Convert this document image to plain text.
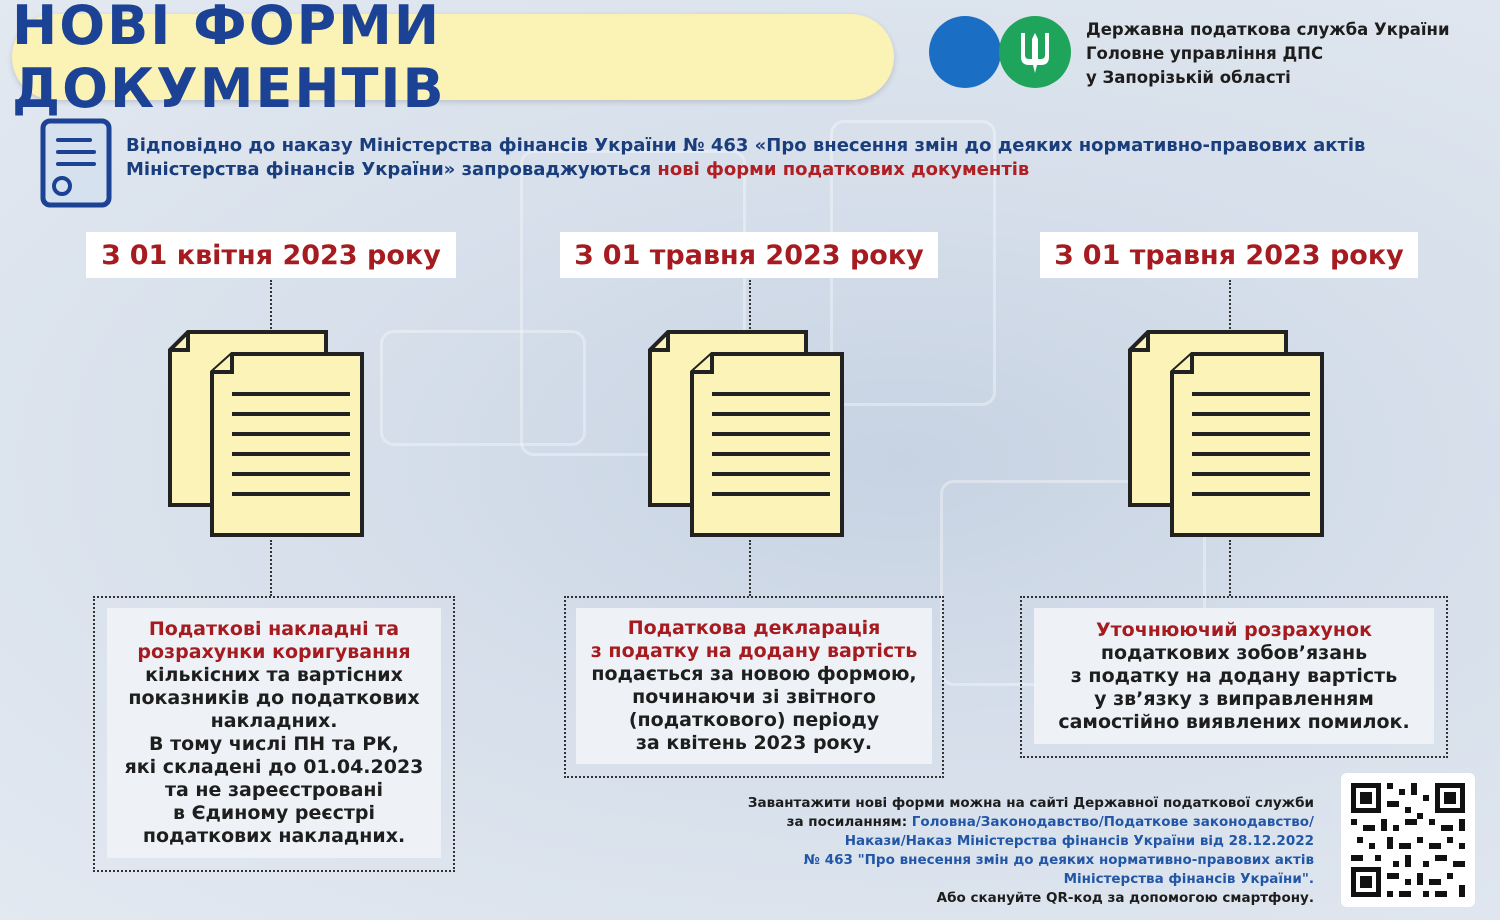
НОВІ ФОРМИ ДОКУМЕНТІВ
Державна податкова служба України
Головне управління ДПС
у Запорізькій області
Відповідно до наказу Міністерства фінансів України № 463 «Про внесення змін до деяких нормативно-правових актів Міністерства фінансів України» запроваджуються нові форми податкових документів
З 01 квітня 2023 року
Податкові накладні та
розрахунки коригування
кількісних та вартісних
показників до податкових
накладних.
В тому числі ПН та РК,
які складені до 01.04.2023
та не зареєстровані
в Єдиному реєстрі
податкових накладних.
З 01 травня 2023 року
Податкова декларація
з податку на додану вартість
подається за новою формою,
починаючи зі звітного
(податкового) періоду
за квітень 2023 року.
З 01 травня 2023 року
Уточнюючий розрахунок
податкових зобов’язань
з податку на додану вартість
у зв’язку з виправленням
самостійно виявлених помилок.
Завантажити нові форми можна на сайті Державної податкової служби
за посиланням: Головна/Законодавство/Податкове законодавство/
Накази/Наказ Міністерства фінансів України від 28.12.2022
№ 463 "Про внесення змін до деяких нормативно-правових актів
Міністерства фінансів України".
Або скануйте QR-код за допомогою смартфону.
